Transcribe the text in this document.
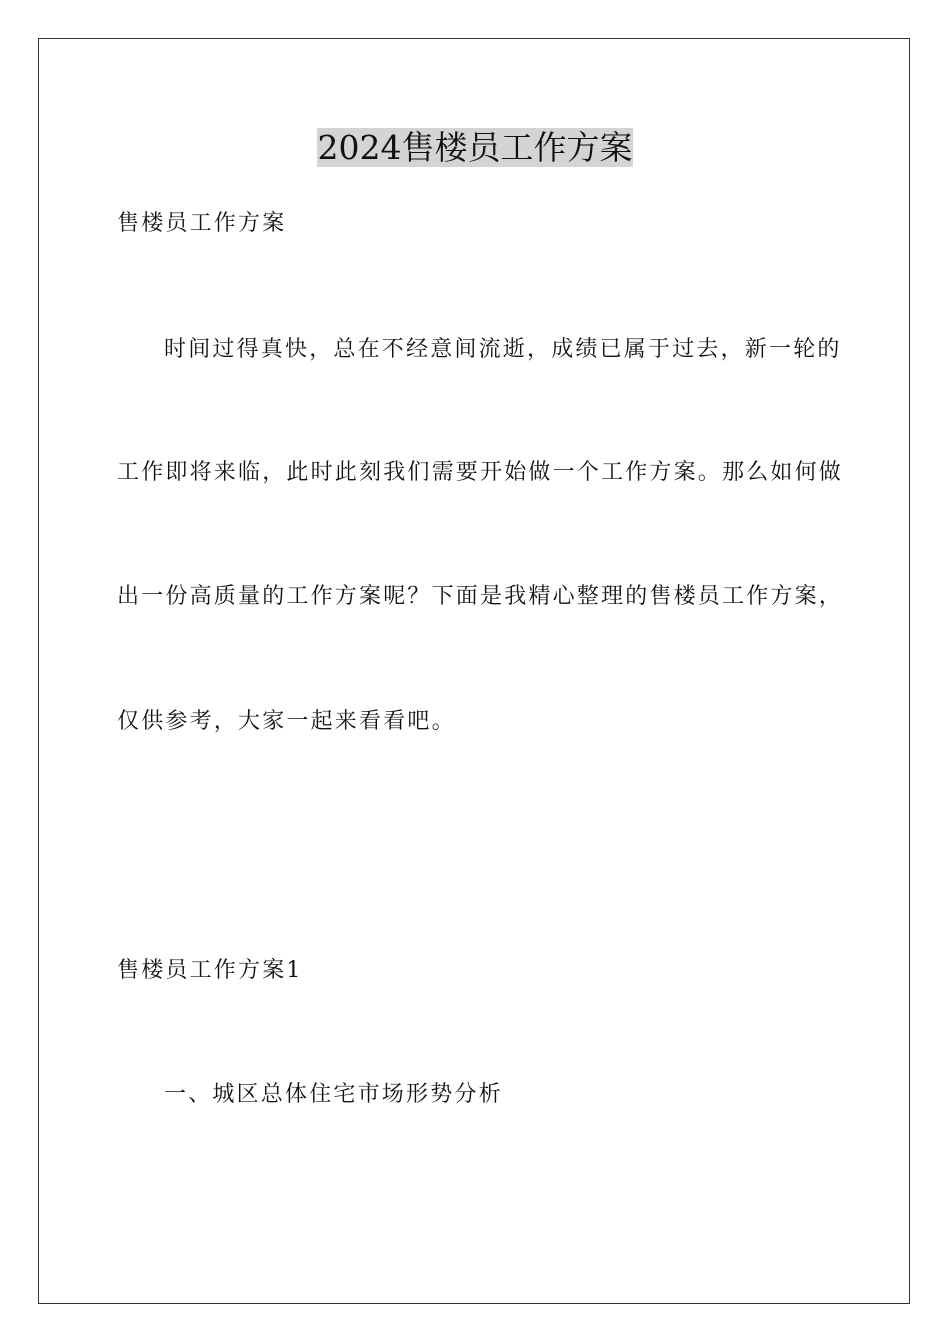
2024售楼员工作方案

售楼员工作方案

时间过得真快，总在不经意间流逝，成绩已属于过去，新一轮的

工作即将来临，此时此刻我们需要开始做一个工作方案。那么如何做

出一份高质量的工作方案呢？下面是我精心整理的售楼员工作方案，

仅供参考，大家一起来看看吧。

售楼员工作方案1

一、城区总体住宅市场形势分析
